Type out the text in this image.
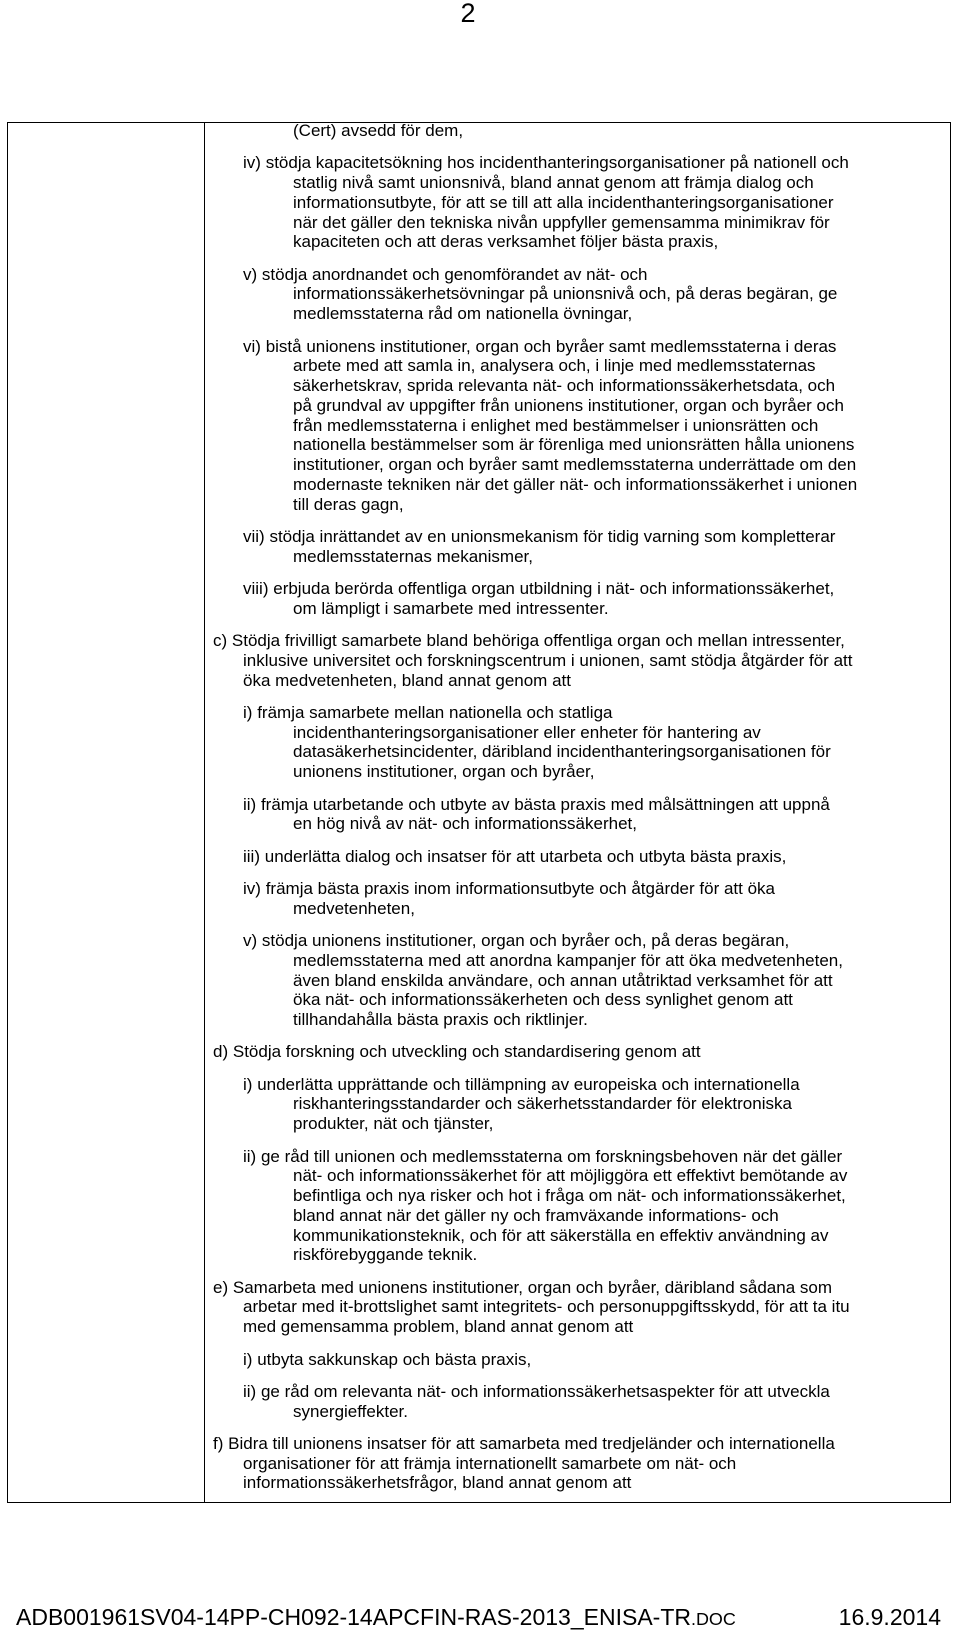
2
(Cert) avsedd för dem,
iv) stödja kapacitetsökning hos incidenthanteringsorganisationer på nationell och
statlig nivå samt unionsnivå, bland annat genom att främja dialog och
informationsutbyte, för att se till att alla incidenthanteringsorganisationer
när det gäller den tekniska nivån uppfyller gemensamma minimikrav för
kapaciteten och att deras verksamhet följer bästa praxis,
v) stödja anordnandet och genomförandet av nät- och
informationssäkerhetsövningar på unionsnivå och, på deras begäran, ge
medlemsstaterna råd om nationella övningar,
vi) bistå unionens institutioner, organ och byråer samt medlemsstaterna i deras
arbete med att samla in, analysera och, i linje med medlemsstaternas
säkerhetskrav, sprida relevanta nät- och informationssäkerhetsdata, och
på grundval av uppgifter från unionens institutioner, organ och byråer och
från medlemsstaterna i enlighet med bestämmelser i unionsrätten och
nationella bestämmelser som är förenliga med unionsrätten hålla unionens
institutioner, organ och byråer samt medlemsstaterna underrättade om den
modernaste tekniken när det gäller nät- och informationssäkerhet i unionen
till deras gagn,
vii) stödja inrättandet av en unionsmekanism för tidig varning som kompletterar
medlemsstaternas mekanismer,
viii) erbjuda berörda offentliga organ utbildning i nät- och informationssäkerhet,
om lämpligt i samarbete med intressenter.
c) Stödja frivilligt samarbete bland behöriga offentliga organ och mellan intressenter,
inklusive universitet och forskningscentrum i unionen, samt stödja åtgärder för att
öka medvetenheten, bland annat genom att
i) främja samarbete mellan nationella och statliga
incidenthanteringsorganisationer eller enheter för hantering av
datasäkerhetsincidenter, däribland incidenthanteringsorganisationen för
unionens institutioner, organ och byråer,
ii) främja utarbetande och utbyte av bästa praxis med målsättningen att uppnå
en hög nivå av nät- och informationssäkerhet,
iii) underlätta dialog och insatser för att utarbeta och utbyta bästa praxis,
iv) främja bästa praxis inom informationsutbyte och åtgärder för att öka
medvetenheten,
v) stödja unionens institutioner, organ och byråer och, på deras begäran,
medlemsstaterna med att anordna kampanjer för att öka medvetenheten,
även bland enskilda användare, och annan utåtriktad verksamhet för att
öka nät- och informationssäkerheten och dess synlighet genom att
tillhandahålla bästa praxis och riktlinjer.
d) Stödja forskning och utveckling och standardisering genom att
i) underlätta upprättande och tillämpning av europeiska och internationella
riskhanteringsstandarder och säkerhetsstandarder för elektroniska
produkter, nät och tjänster,
ii) ge råd till unionen och medlemsstaterna om forskningsbehoven när det gäller
nät- och informationssäkerhet för att möjliggöra ett effektivt bemötande av
befintliga och nya risker och hot i fråga om nät- och informationssäkerhet,
bland annat när det gäller ny och framväxande informations- och
kommunikationsteknik, och för att säkerställa en effektiv användning av
riskförebyggande teknik.
e) Samarbeta med unionens institutioner, organ och byråer, däribland sådana som
arbetar med it-brottslighet samt integritets- och personuppgiftsskydd, för att ta itu
med gemensamma problem, bland annat genom att
i) utbyta sakkunskap och bästa praxis,
ii) ge råd om relevanta nät- och informationssäkerhetsaspekter för att utveckla
synergieffekter.
f) Bidra till unionens insatser för att samarbeta med tredjeländer och internationella
organisationer för att främja internationellt samarbete om nät- och
informationssäkerhetsfrågor, bland annat genom att
ADB001961SV04-14PP-CH092-14APCFIN-RAS-2013_ENISA-TR.DOC	16.9.2014
